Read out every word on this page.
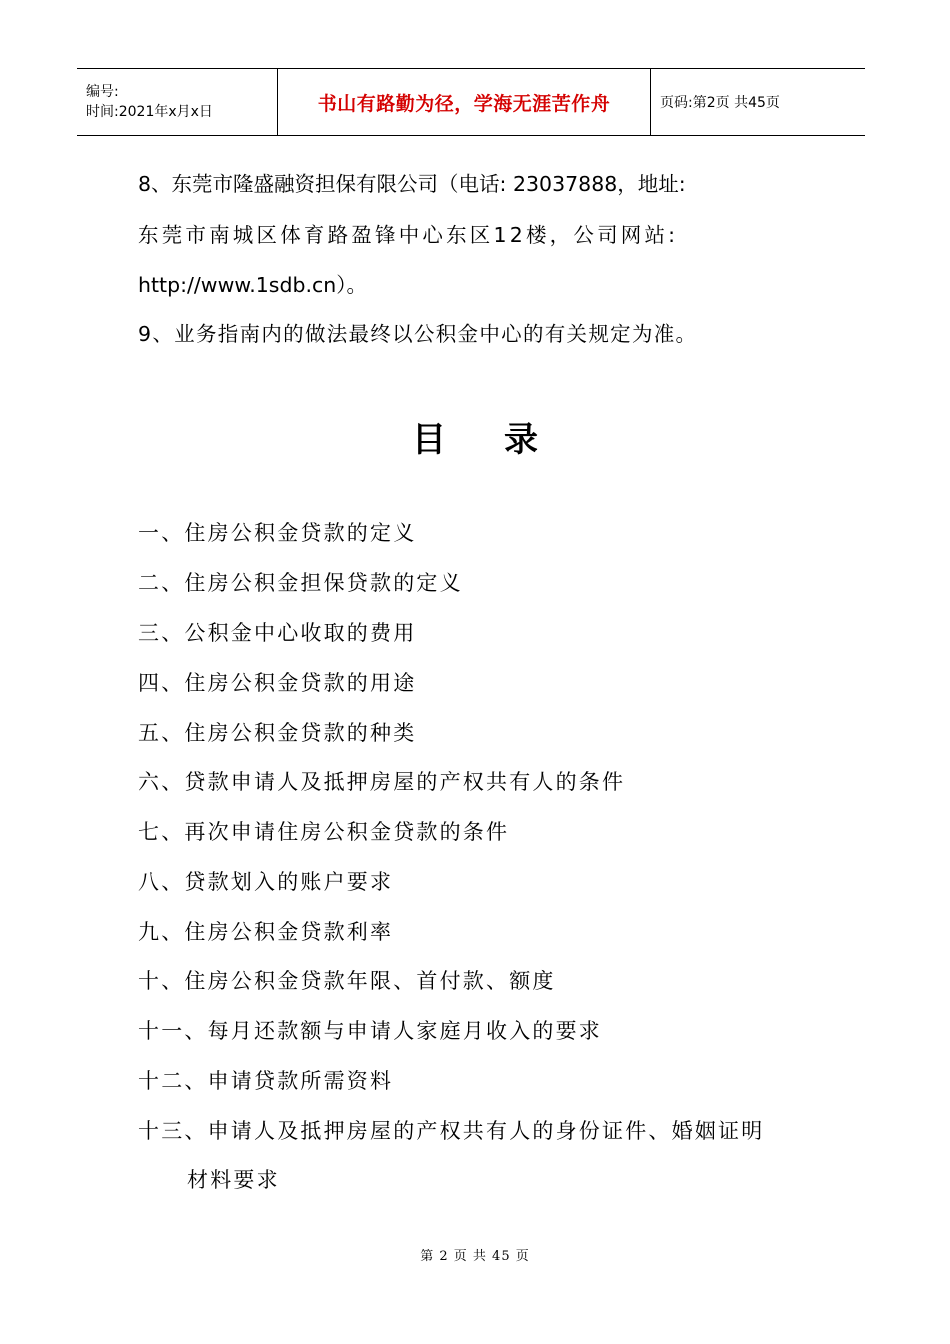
编号:
时间:2021年x月x日	书山有路勤为径，学海无涯苦作舟	页码:第2页 共45页
8、东莞市隆盛融资担保有限公司（电话: 23037888，地址:
东莞市南城区体育路盈锋中心东区12楼，公司网站:
http://www.1sdb.cn）。
9、业务指南内的做法最终以公积金中心的有关规定为准。
目录
一、住房公积金贷款的定义
二、住房公积金担保贷款的定义
三、公积金中心收取的费用
四、住房公积金贷款的用途
五、住房公积金贷款的种类
六、贷款申请人及抵押房屋的产权共有人的条件
七、再次申请住房公积金贷款的条件
八、贷款划入的账户要求
九、住房公积金贷款利率
十、住房公积金贷款年限、首付款、额度
十一、每月还款额与申请人家庭月收入的要求
十二、申请贷款所需资料
十三、申请人及抵押房屋的产权共有人的身份证件、婚姻证明
材料要求
第 2 页 共 45 页
